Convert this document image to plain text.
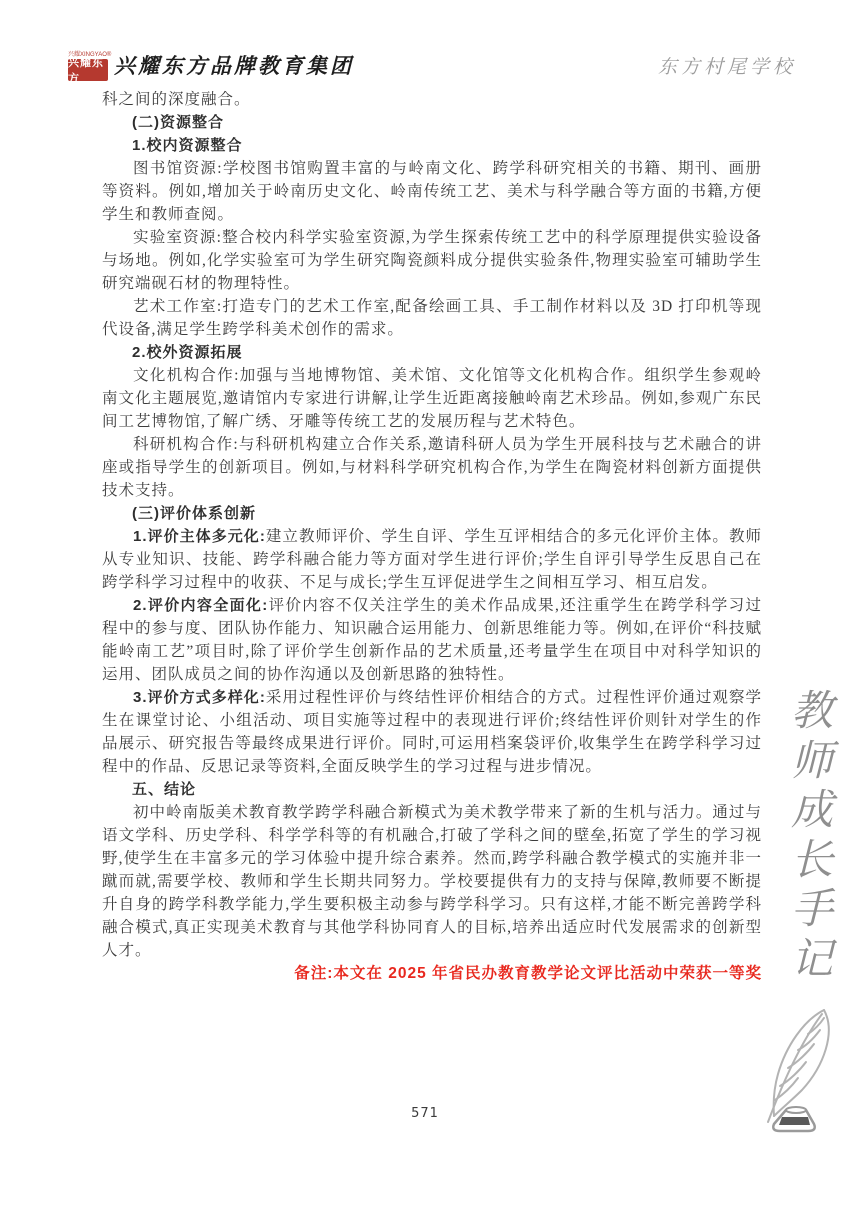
兴耀XINGYAO®
兴耀东方
兴耀东方品牌教育集团	东方村尾学校

科之间的深度融合。

(二)资源整合

1.校内资源整合

图书馆资源:学校图书馆购置丰富的与岭南文化、跨学科研究相关的书籍、期刊、画册等资料。例如,增加关于岭南历史文化、岭南传统工艺、美术与科学融合等方面的书籍,方便学生和教师查阅。

实验室资源:整合校内科学实验室资源,为学生探索传统工艺中的科学原理提供实验设备与场地。例如,化学实验室可为学生研究陶瓷颜料成分提供实验条件,物理实验室可辅助学生研究端砚石材的物理特性。

艺术工作室:打造专门的艺术工作室,配备绘画工具、手工制作材料以及 3D 打印机等现代设备,满足学生跨学科美术创作的需求。

2.校外资源拓展

文化机构合作:加强与当地博物馆、美术馆、文化馆等文化机构合作。组织学生参观岭南文化主题展览,邀请馆内专家进行讲解,让学生近距离接触岭南艺术珍品。例如,参观广东民间工艺博物馆,了解广绣、牙雕等传统工艺的发展历程与艺术特色。

科研机构合作:与科研机构建立合作关系,邀请科研人员为学生开展科技与艺术融合的讲座或指导学生的创新项目。例如,与材料科学研究机构合作,为学生在陶瓷材料创新方面提供技术支持。

(三)评价体系创新

1.评价主体多元化:建立教师评价、学生自评、学生互评相结合的多元化评价主体。教师从专业知识、技能、跨学科融合能力等方面对学生进行评价;学生自评引导学生反思自己在跨学科学习过程中的收获、不足与成长;学生互评促进学生之间相互学习、相互启发。

2.评价内容全面化:评价内容不仅关注学生的美术作品成果,还注重学生在跨学科学习过程中的参与度、团队协作能力、知识融合运用能力、创新思维能力等。例如,在评价“科技赋能岭南工艺”项目时,除了评价学生创新作品的艺术质量,还考量学生在项目中对科学知识的运用、团队成员之间的协作沟通以及创新思路的独特性。

3.评价方式多样化:采用过程性评价与终结性评价相结合的方式。过程性评价通过观察学生在课堂讨论、小组活动、项目实施等过程中的表现进行评价;终结性评价则针对学生的作品展示、研究报告等最终成果进行评价。同时,可运用档案袋评价,收集学生在跨学科学习过程中的作品、反思记录等资料,全面反映学生的学习过程与进步情况。

五、结论

初中岭南版美术教育教学跨学科融合新模式为美术教学带来了新的生机与活力。通过与语文学科、历史学科、科学学科等的有机融合,打破了学科之间的壁垒,拓宽了学生的学习视野,使学生在丰富多元的学习体验中提升综合素养。然而,跨学科融合教学模式的实施并非一蹴而就,需要学校、教师和学生长期共同努力。学校要提供有力的支持与保障,教师要不断提升自身的跨学科教学能力,学生要积极主动参与跨学科学习。只有这样,才能不断完善跨学科融合模式,真正实现美术教育与其他学科协同育人的目标,培养出适应时代发展需求的创新型人才。

备注:本文在 2025 年省民办教育教学论文评比活动中荣获一等奖

教
师
成
长
手
记
571
